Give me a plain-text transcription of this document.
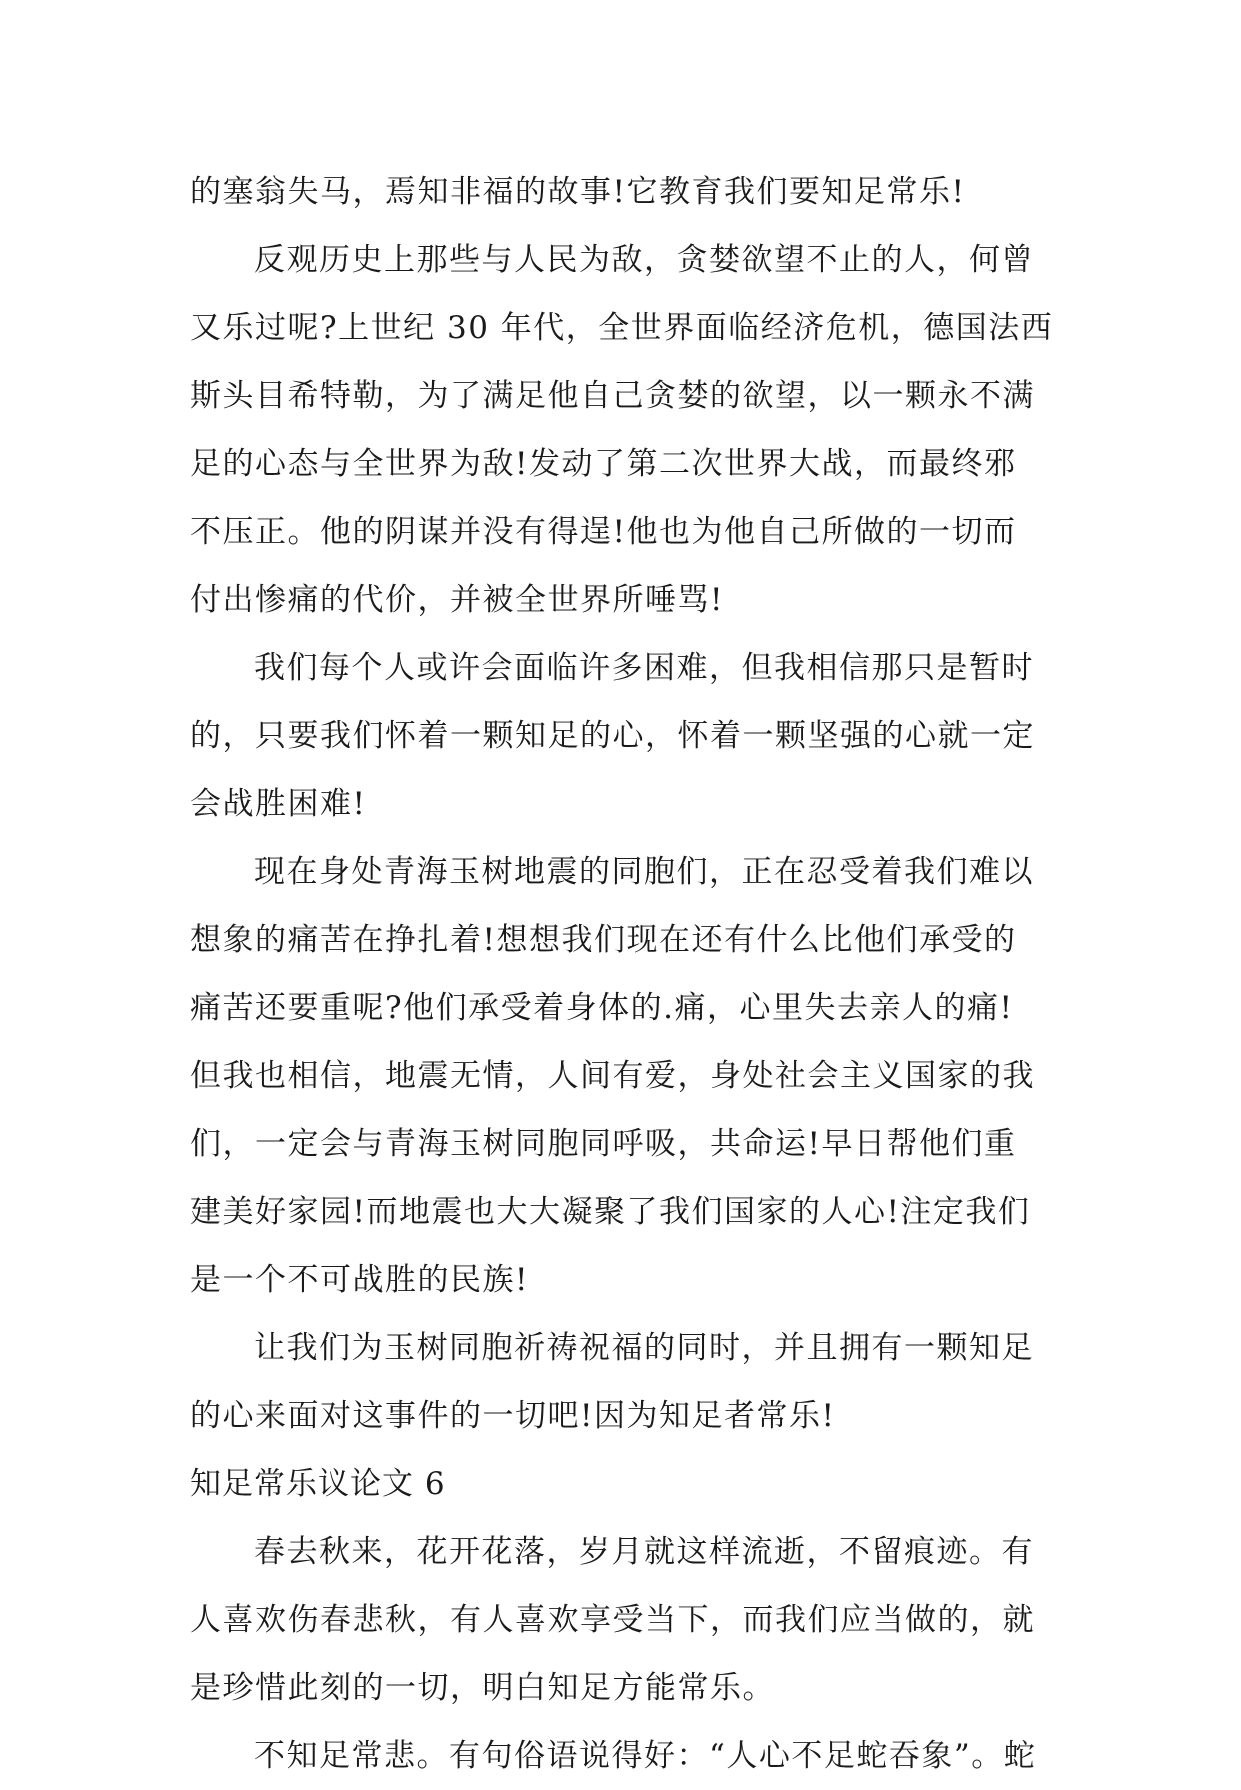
的塞翁失马，焉知非福的故事!它教育我们要知足常乐!
反观历史上那些与人民为敌，贪婪欲望不止的人，何曾
又乐过呢?上世纪 30 年代，全世界面临经济危机，德国法西
斯头目希特勒，为了满足他自己贪婪的欲望，以一颗永不满
足的心态与全世界为敌!发动了第二次世界大战，而最终邪
不压正。他的阴谋并没有得逞!他也为他自己所做的一切而
付出惨痛的代价，并被全世界所唾骂!
我们每个人或许会面临许多困难，但我相信那只是暂时
的，只要我们怀着一颗知足的心，怀着一颗坚强的心就一定
会战胜困难!
现在身处青海玉树地震的同胞们，正在忍受着我们难以
想象的痛苦在挣扎着!想想我们现在还有什么比他们承受的
痛苦还要重呢?他们承受着身体的.痛，心里失去亲人的痛!
但我也相信，地震无情，人间有爱，身处社会主义国家的我
们，一定会与青海玉树同胞同呼吸，共命运!早日帮他们重
建美好家园!而地震也大大凝聚了我们国家的人心!注定我们
是一个不可战胜的民族!
让我们为玉树同胞祈祷祝福的同时，并且拥有一颗知足
的心来面对这事件的一切吧!因为知足者常乐!
知足常乐议论文 6
春去秋来，花开花落，岁月就这样流逝，不留痕迹。有
人喜欢伤春悲秋，有人喜欢享受当下，而我们应当做的，就
是珍惜此刻的一切，明白知足方能常乐。
不知足常悲。有句俗语说得好：“人心不足蛇吞象”。蛇
